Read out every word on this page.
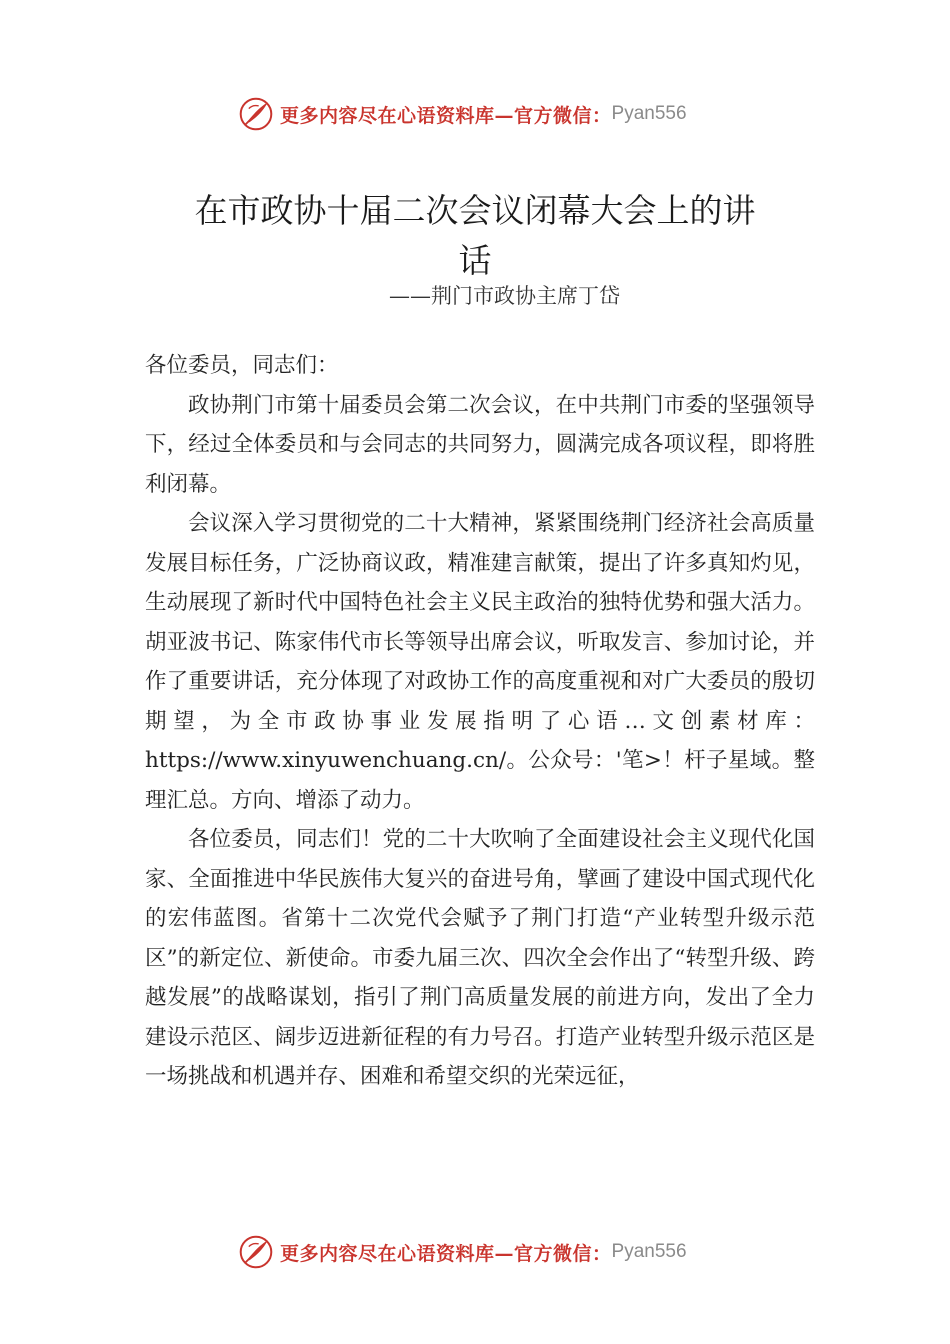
更多内容尽在心语资料库—官方微信： Pyan556
在市政协十届二次会议闭幕大会上的讲
话
——荆门市政协主席丁岱

各位委员，同志们：

政协荆门市第十届委员会第二次会议，在中共荆门市委的坚强领导下，经过全体委员和与会同志的共同努力，圆满完成各项议程，即将胜利闭幕。

会议深入学习贯彻党的二十大精神，紧紧围绕荆门经济社会高质量发展目标任务，广泛协商议政，精准建言献策，提出了许多真知灼见，生动展现了新时代中国特色社会主义民主政治的独特优势和强大活力。胡亚波书记、陈家伟代市长等领导出席会议，听取发言、参加讨论，并作了重要讲话，充分体现了对政协工作的高度重视和对广大委员的殷切期望，为全市政协事业发展指明了心语…文创素材库：https://www.xinyuwenchuang.cn/。公众号：'笔>！杆子星域。整理汇总。方向、增添了动力。

各位委员，同志们！党的二十大吹响了全面建设社会主义现代化国家、全面推进中华民族伟大复兴的奋进号角，擘画了建设中国式现代化的宏伟蓝图。省第十二次党代会赋予了荆门打造“产业转型升级示范区”的新定位、新使命。市委九届三次、四次全会作出了“转型升级、跨越发展”的战略谋划，指引了荆门高质量发展的前进方向，发出了全力建设示范区、阔步迈进新征程的有力号召。打造产业转型升级示范区是一场挑战和机遇并存、困难和希望交织的光荣远征，

更多内容尽在心语资料库—官方微信： Pyan556
